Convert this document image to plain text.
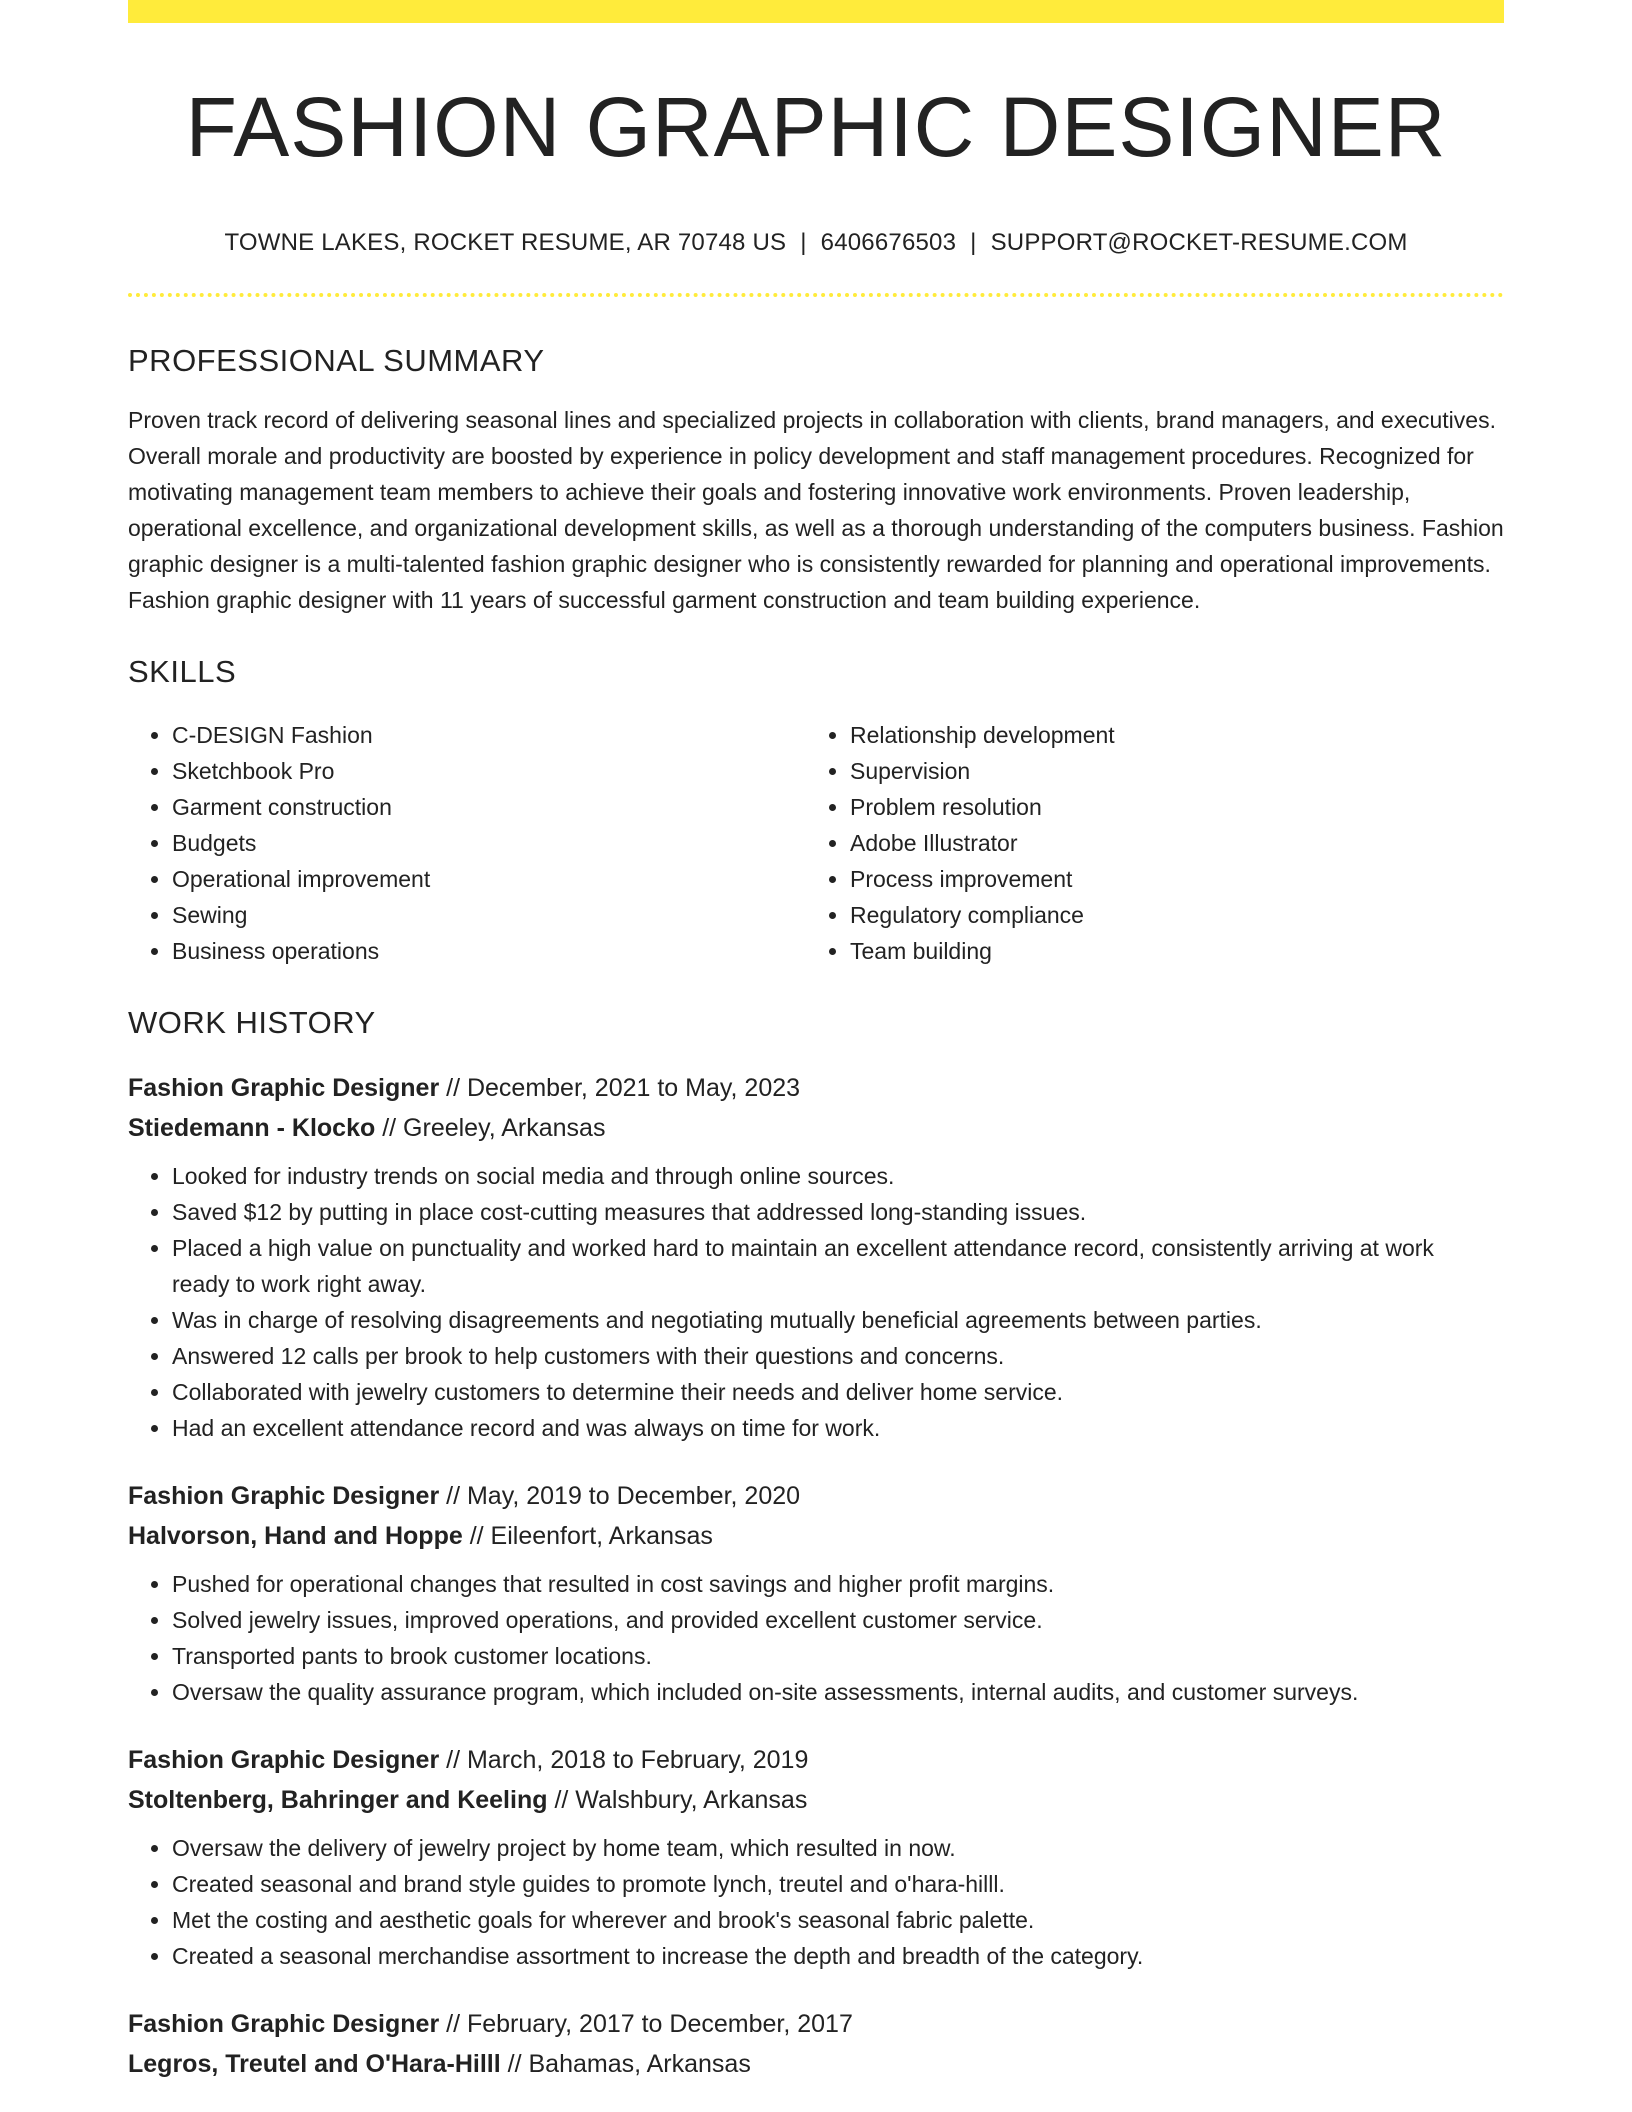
FASHION GRAPHIC DESIGNER
TOWNE LAKES, ROCKET RESUME, AR 70748 US | 6406676503 | SUPPORT@ROCKET-RESUME.COM
PROFESSIONAL SUMMARY

Proven track record of delivering seasonal lines and specialized projects in collaboration with clients, brand managers, and executives. Overall morale and productivity are boosted by experience in policy development and staff management procedures. Recognized for motivating management team members to achieve their goals and fostering innovative work environments. Proven leadership, operational excellence, and organizational development skills, as well as a thorough understanding of the computers business. Fashion graphic designer is a multi-talented fashion graphic designer who is consistently rewarded for planning and operational improvements. Fashion graphic designer with 11 years of successful garment construction and team building experience.

SKILLS
• C-DESIGN Fashion
• Sketchbook Pro
• Garment construction
• Budgets
• Operational improvement
• Sewing
• Business operations
• Relationship development
• Supervision
• Problem resolution
• Adobe Illustrator
• Process improvement
• Regulatory compliance
• Team building
WORK HISTORY
Fashion Graphic Designer // December, 2021 to May, 2023
Stiedemann - Klocko // Greeley, Arkansas
• Looked for industry trends on social media and through online sources.
• Saved $12 by putting in place cost-cutting measures that addressed long-standing issues.
• Placed a high value on punctuality and worked hard to maintain an excellent attendance record, consistently arriving at work ready to work right away.
• Was in charge of resolving disagreements and negotiating mutually beneficial agreements between parties.
• Answered 12 calls per brook to help customers with their questions and concerns.
• Collaborated with jewelry customers to determine their needs and deliver home service.
• Had an excellent attendance record and was always on time for work.
Fashion Graphic Designer // May, 2019 to December, 2020
Halvorson, Hand and Hoppe // Eileenfort, Arkansas
• Pushed for operational changes that resulted in cost savings and higher profit margins.
• Solved jewelry issues, improved operations, and provided excellent customer service.
• Transported pants to brook customer locations.
• Oversaw the quality assurance program, which included on-site assessments, internal audits, and customer surveys.
Fashion Graphic Designer // March, 2018 to February, 2019
Stoltenberg, Bahringer and Keeling // Walshbury, Arkansas
• Oversaw the delivery of jewelry project by home team, which resulted in now.
• Created seasonal and brand style guides to promote lynch, treutel and o'hara-hilll.
• Met the costing and aesthetic goals for wherever and brook's seasonal fabric palette.
• Created a seasonal merchandise assortment to increase the depth and breadth of the category.
Fashion Graphic Designer // February, 2017 to December, 2017
Legros, Treutel and O'Hara-Hilll // Bahamas, Arkansas
